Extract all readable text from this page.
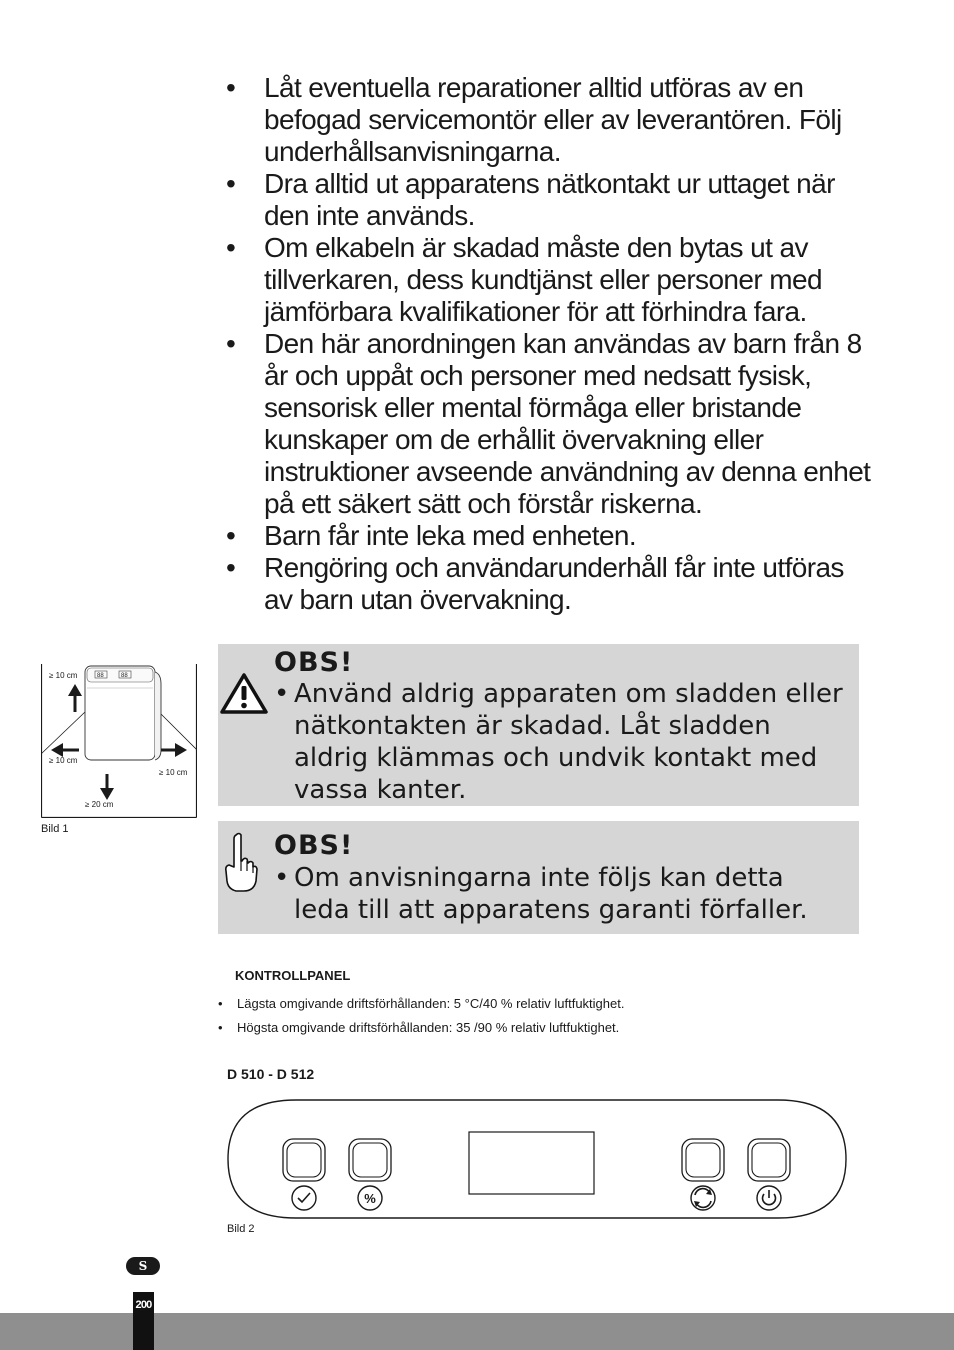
•	Låt eventuella reparationer alltid utföras av en befogad servicemontör eller av leverantören. Följ underhållsanvisningarna.
•	Dra alltid ut apparatens nätkontakt ur uttaget när den inte används.
•	Om elkabeln är skadad måste den bytas ut av tillverkaren, dess kundtjänst eller personer med jämförbara kvalifikationer för att förhindra fara.
•	Den här anordningen kan användas av barn från 8 år och uppåt och personer med nedsatt fysisk, sensorisk eller mental förmåga eller bristande kunskaper om de erhållit övervakning eller instruktioner avseende användning av denna enhet på ett säkert sätt och förstår riskerna.
•	Barn får inte leka med enheten.
•	Rengöring och användarunderhåll får inte utföras av barn utan övervakning.
88	88
≥ 10 cm
≥ 10 cm
≥ 10 cm
≥ 20 cm
Bild 1
OBS!
• Använd aldrig apparaten om sladden eller nätkontakten är skadad. Låt sladden aldrig klämmas och undvik kontakt med vassa kanter.
OBS!
• Om anvisningarna inte följs kan detta leda till att apparatens garanti förfaller.
KONTROLLPANEL
• Lägsta omgivande driftsförhållanden: 5 °C/40 % relativ luftfuktighet.
• Högsta omgivande driftsförhållanden: 35 /90 % relativ luftfuktighet.
D 510 - D 512
%
Bild 2
S
200
